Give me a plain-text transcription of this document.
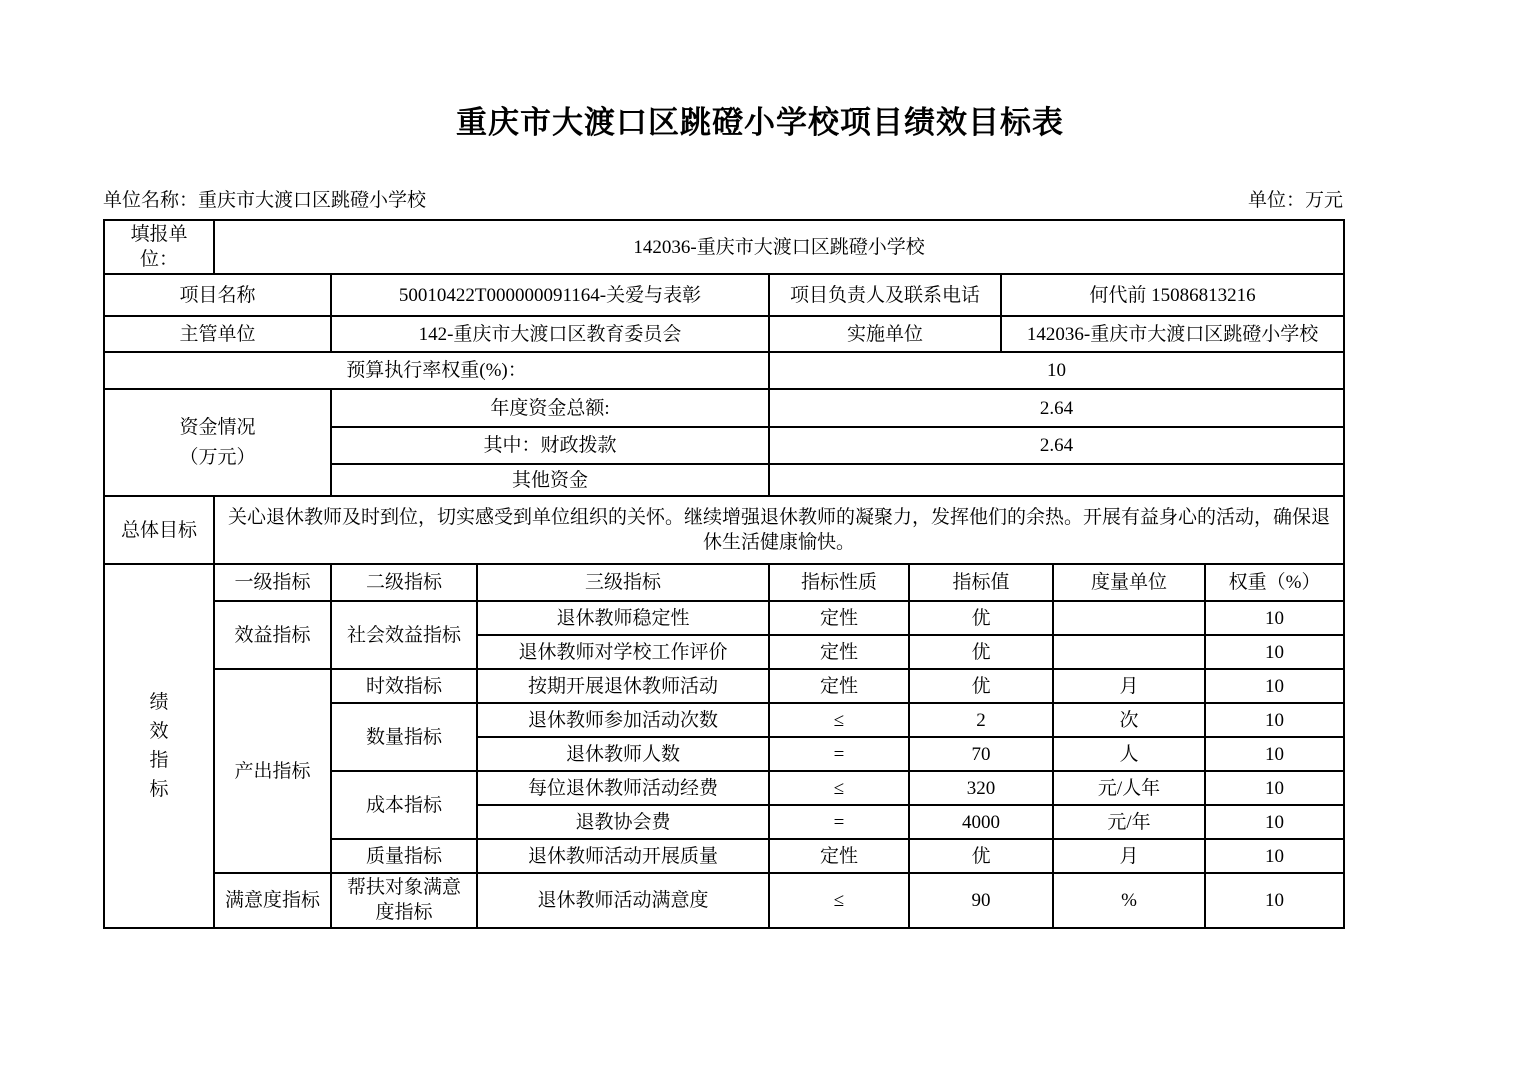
重庆市大渡口区跳磴小学校项目绩效目标表
单位名称：重庆市大渡口区跳磴小学校	单位：万元
填报单位：	142036-重庆市大渡口区跳磴小学校							
项目名称		50010422T000000091164-关爱与表彰		项目负责人及联系电话		何代前 15086813216		
主管单位		142-重庆市大渡口区教育委员会		实施单位		142036-重庆市大渡口区跳磴小学校		
预算执行率权重(%)：				10				

资金情况
（万元）		年度资金总额:		2.64				
		其中：财政拨款		2.64				
		其他资金						
总体目标	关心退休教师及时到位，切实感受到单位组织的关怀。继续增强退休教师的凝聚力，发挥他们的余热。开展有益身心的活动，确保退休生活健康愉快。							

绩
效
指
标	一级指标	二级指标	三级指标	指标性质	指标值		度量单位	权重（%）
	效益指标	社会效益指标	退休教师稳定性	定性	优			10
			退休教师对学校工作评价	定性	优			10
	产出指标	时效指标	按期开展退休教师活动	定性	优		月	10
		数量指标	退休教师参加活动次数	≤	2		次	10
			退休教师人数	=	70		人	10
		成本指标	每位退休教师活动经费	≤	320		元/人年	10
			退教协会费	=	4000		元/年	10
		质量指标	退休教师活动开展质量	定性	优		月	10
	满意度指标	帮扶对象满意度指标	退休教师活动满意度	≤	90		%	10
